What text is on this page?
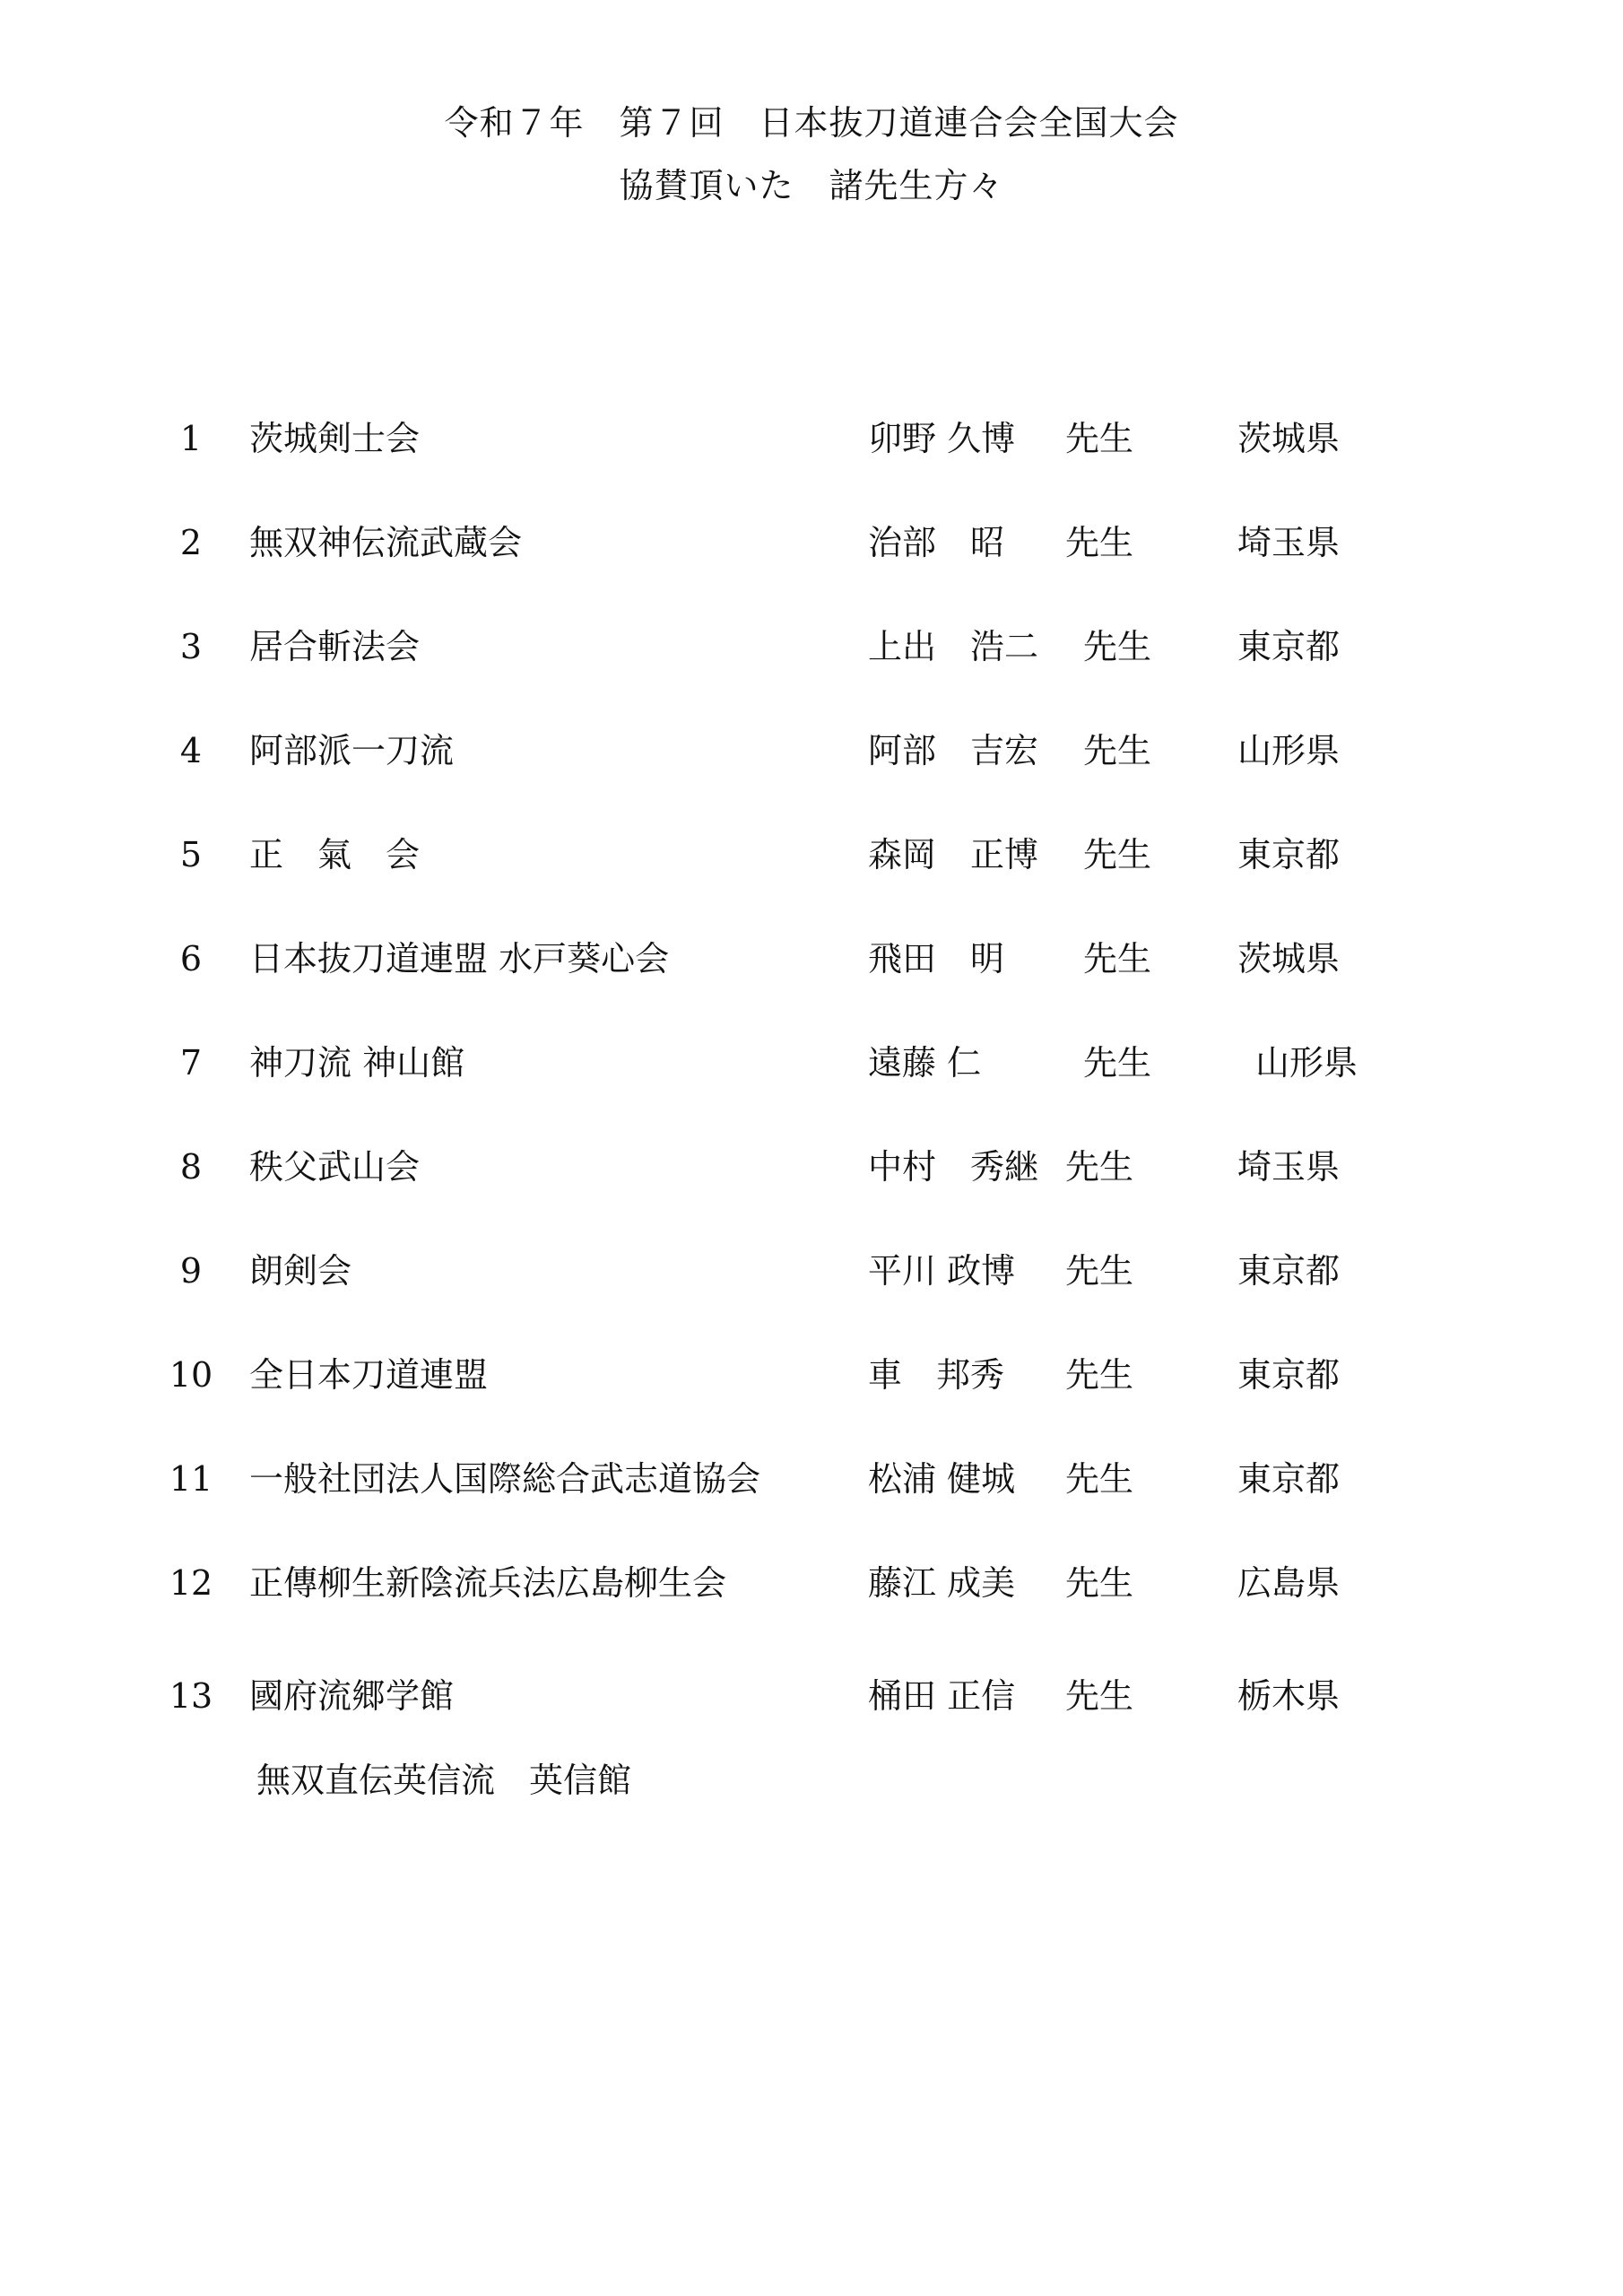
令和７年　第７回　日本抜刀道連合会全国大会
協賛頂いた　諸先生方々
1	茨城剣士会	卯野 久博 先生	茨城県
2	無双神伝流武蔵会	治部　昭 先生	埼玉県
3	居合斬法会	上出　浩二 先生	東京都
4	阿部派一刀流	阿部　吉宏 先生	山形県
5	正　氣　会	森岡　正博 先生	東京都
6	日本抜刀道連盟 水戸葵心会	飛田　明 先生	茨城県
7	神刀流 神山館	遠藤 仁	先生	山形県
8	秩父武山会	中村　秀継 先生	埼玉県
9	朗剣会	平川 政博 先生	東京都
10 全日本刀道連盟	車　邦秀 先生	東京都
11 一般社団法人国際総合武志道協会	松浦 健城 先生	東京都
12 正傳柳生新陰流兵法広島柳生会	藤江 成美 先生	広島県
13 國府流郷学館	桶田 正信 先生	栃木県
無双直伝英信流　英信館
